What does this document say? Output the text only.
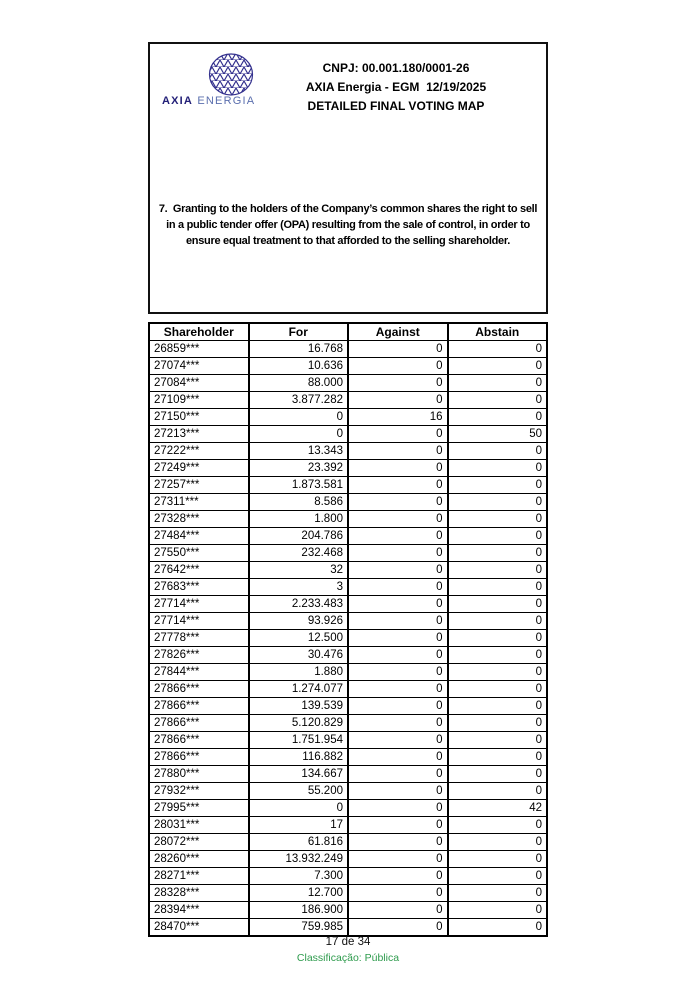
AXIA ENERGIA
CNPJ: 00.001.180/0001-26
AXIA Energia - EGM  12/19/2025
DETAILED FINAL VOTING MAP
7.  Granting to the holders of the Company’s common shares the right to sell in a public tender offer (OPA) resulting from the sale of control, in order to ensure equal treatment to that afforded to the selling shareholder.
Shareholder	For	Against	Abstain
26859***	16.768	0	0
27074***	10.636	0	0
27084***	88.000	0	0
27109***	3.877.282	0	0
27150***	0	16	0
27213***	0	0	50
27222***	13.343	0	0
27249***	23.392	0	0
27257***	1.873.581	0	0
27311***	8.586	0	0
27328***	1.800	0	0
27484***	204.786	0	0
27550***	232.468	0	0
27642***	32	0	0
27683***	3	0	0
27714***	2.233.483	0	0
27714***	93.926	0	0
27778***	12.500	0	0
27826***	30.476	0	0
27844***	1.880	0	0
27866***	1.274.077	0	0
27866***	139.539	0	0
27866***	5.120.829	0	0
27866***	1.751.954	0	0
27866***	116.882	0	0
27880***	134.667	0	0
27932***	55.200	0	0
27995***	0	0	42
28031***	17	0	0
28072***	61.816	0	0
28260***	13.932.249	0	0
28271***	7.300	0	0
28328***	12.700	0	0
28394***	186.900	0	0
28470***	759.985	0	0
17 de 34
Classificação: Pública
